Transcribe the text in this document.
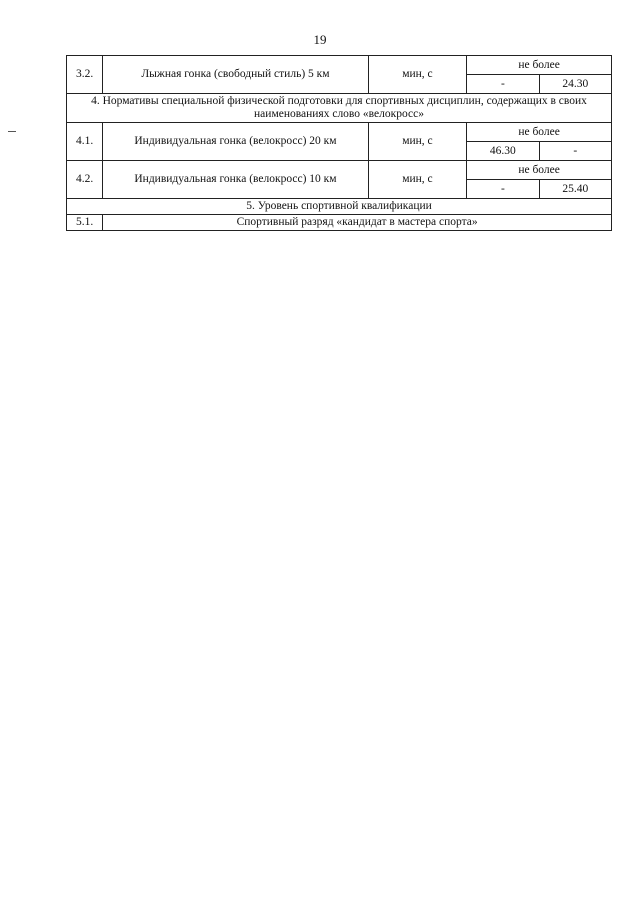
19
3.2.	Лыжная гонка (свободный стиль) 5 км	мин, с	не более	
			-	24.30
4. Нормативы специальной физической подготовки для спортивных дисциплин, содержащих в своих наименованиях слово «велокросс»				
4.1.	Индивидуальная гонка (велокросс) 20 км	мин, с	не более	
			46.30	-
4.2.	Индивидуальная гонка (велокросс) 10 км	мин, с	не более	
			-	25.40
5. Уровень спортивной квалификации				
5.1.	Спортивный разряд «кандидат в мастера спорта»			
